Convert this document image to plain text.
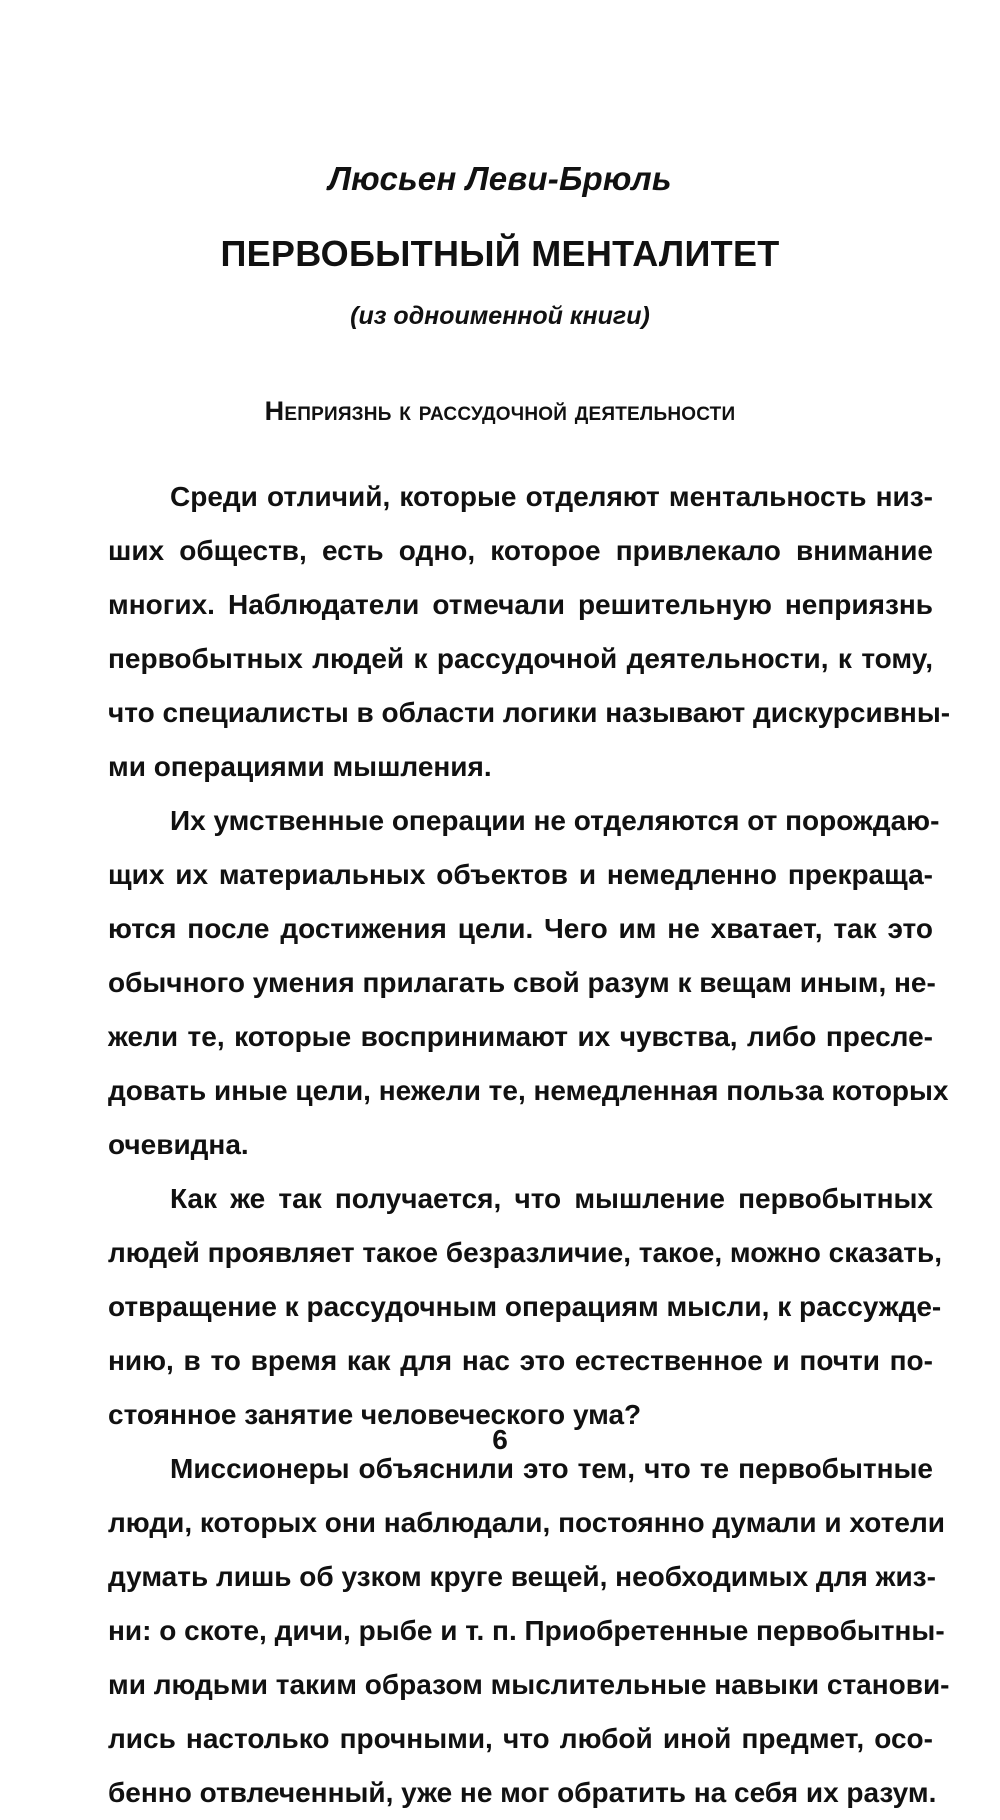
Люсьен Леви-Брюль
ПЕРВОБЫТНЫЙ МЕНТАЛИТЕТ
(из одноименной книги)
Неприязнь к рассудочной деятельности
Среди отличий, которые отделяют ментальность низ-
ших обществ, есть одно, которое привлекало внимание
многих. Наблюдатели отмечали решительную неприязнь
первобытных людей к рассудочной деятельности, к тому,
что специалисты в области логики называют дискурсивны-
ми операциями мышления.
Их умственные операции не отделяются от порождаю-
щих их материальных объектов и немедленно прекраща-
ются после достижения цели. Чего им не хватает, так это
обычного умения прилагать свой разум к вещам иным, не-
жели те, которые воспринимают их чувства, либо пресле-
довать иные цели, нежели те, немедленная польза которых
очевидна.
Как же так получается, что мышление первобытных
людей проявляет такое безразличие, такое, можно сказать,
отвращение к рассудочным операциям мысли, к рассужде-
нию, в то время как для нас это естественное и почти по-
стоянное занятие человеческого ума?
Миссионеры объяснили это тем, что те первобытные
люди, которых они наблюдали, постоянно думали и хотели
думать лишь об узком круге вещей, необходимых для жиз-
ни: о скоте, дичи, рыбе и т. п. Приобретенные первобытны-
ми людьми таким образом мыслительные навыки станови-
лись настолько прочными, что любой иной предмет, осо-
бенно отвлеченный, уже не мог обратить на себя их разум.
6
